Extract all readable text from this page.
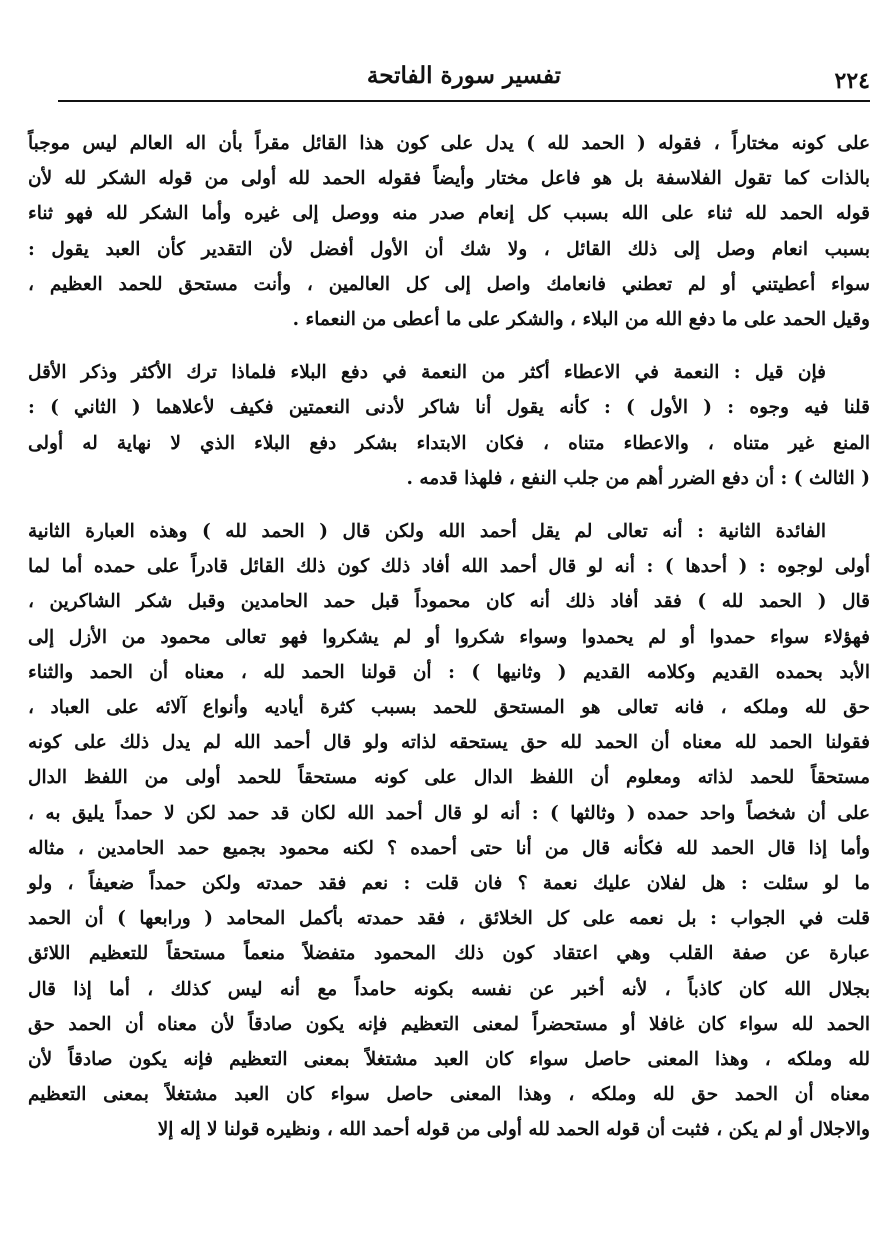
٢٢٤
تفسير سورة الفاتحة

على كونه مختاراً ، فقوله ( الحمد لله ) يدل على كون هذا القائل مقراً بأن اله العالم ليس موجباً
بالذات كما تقول الفلاسفة بل هو فاعل مختار وأيضاً فقوله الحمد لله أولى من قوله الشكر لله لأن
قوله الحمد لله ثناء على الله بسبب كل إنعام صدر منه ووصل إلى غيره وأما الشكر لله فهو ثناء
بسبب انعام وصل إلى ذلك القائل ، ولا شك أن الأول أفضل لأن التقدير كأن العبد يقول :
سواء أعطيتني أو لم تعطني فانعامك واصل إلى كل العالمين ، وأنت مستحق للحمد العظيم ،
وقيل الحمد على ما دفع الله من البلاء ، والشكر على ما أعطى من النعماء .

فإن قيل : النعمة في الاعطاء أكثر من النعمة في دفع البلاء فلماذا ترك الأكثر وذكر الأقل
قلنا فيه وجوه : ( الأول ) : كأنه يقول أنا شاكر لأدنى النعمتين فكيف لأعلاهما ( الثاني ) :
المنع غير متناه ، والاعطاء متناه ، فكان الابتداء بشكر دفع البلاء الذي لا نهاية له أولى
( الثالث ) : أن دفع الضرر أهم من جلب النفع ، فلهذا قدمه .

الفائدة الثانية : أنه تعالى لم يقل أحمد الله ولكن قال ( الحمد لله ) وهذه العبارة الثانية
أولى لوجوه : ( أحدها ) : أنه لو قال أحمد الله أفاد ذلك كون ذلك القائل قادراً على حمده أما لما
قال ( الحمد لله ) فقد أفاد ذلك أنه كان محموداً قبل حمد الحامدين وقبل شكر الشاكرين ،
فهؤلاء سواء حمدوا أو لم يحمدوا وسواء شكروا أو لم يشكروا فهو تعالى محمود من الأزل إلى
الأبد بحمده القديم وكلامه القديم ( وثانيها ) : أن قولنا الحمد لله ، معناه أن الحمد والثناء
حق لله وملكه ، فانه تعالى هو المستحق للحمد بسبب كثرة أياديه وأنواع آلائه على العباد ،
فقولنا الحمد لله معناه أن الحمد لله حق يستحقه لذاته ولو قال أحمد الله لم يدل ذلك على كونه
مستحقاً للحمد لذاته ومعلوم أن اللفظ الدال على كونه مستحقاً للحمد أولى من اللفظ الدال
على أن شخصاً واحد حمده ( وثالثها ) : أنه لو قال أحمد الله لكان قد حمد لكن لا حمداً يليق به ،
وأما إذا قال الحمد لله فكأنه قال من أنا حتى أحمده ؟ لكنه محمود بجميع حمد الحامدين ، مثاله
ما لو سئلت : هل لفلان عليك نعمة ؟ فان قلت : نعم فقد حمدته ولكن حمداً ضعيفاً ، ولو
قلت في الجواب : بل نعمه على كل الخلائق ، فقد حمدته بأكمل المحامد ( ورابعها ) أن الحمد
عبارة عن صفة القلب وهي اعتقاد كون ذلك المحمود متفضلاً منعماً مستحقاً للتعظيم اللائق
بجلال الله كان كاذباً ، لأنه أخبر عن نفسه بكونه حامداً مع أنه ليس كذلك ، أما إذا قال
الحمد لله سواء كان غافلا أو مستحضراً لمعنى التعظيم فإنه يكون صادقاً لأن معناه أن الحمد حق
لله وملكه ، وهذا المعنى حاصل سواء كان العبد مشتغلاً بمعنى التعظيم فإنه يكون صادقاً لأن
معناه أن الحمد حق لله وملكه ، وهذا المعنى حاصل سواء كان العبد مشتغلاً بمعنى التعظيم
والاجلال أو لم يكن ، فثبت أن قوله الحمد لله أولى من قوله أحمد الله ، ونظيره قولنا لا إله إلا
